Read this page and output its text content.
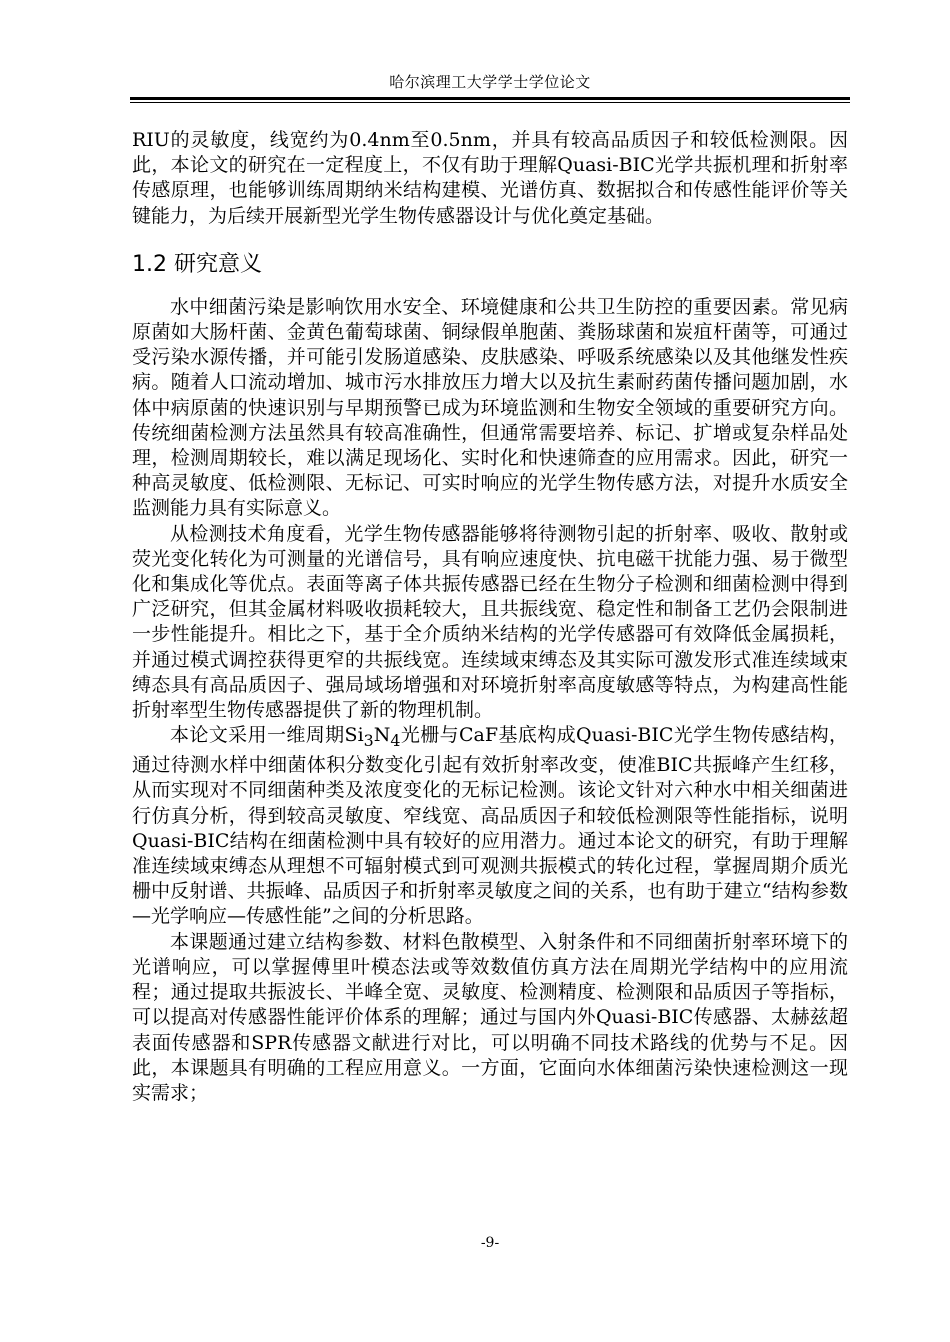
哈尔滨理工大学学士学位论文

RIU的灵敏度，线宽约为0.4nm至0.5nm，并具有较高品质因子和较低检测限。因此，本论文的研究在一定程度上，不仅有助于理解Quasi-BIC光学共振机理和折射率传感原理，也能够训练周期纳米结构建模、光谱仿真、数据拟合和传感性能评价等关键能力，为后续开展新型光学生物传感器设计与优化奠定基础。

1.2 研究意义

水中细菌污染是影响饮用水安全、环境健康和公共卫生防控的重要因素。常见病原菌如大肠杆菌、金黄色葡萄球菌、铜绿假单胞菌、粪肠球菌和炭疽杆菌等，可通过受污染水源传播，并可能引发肠道感染、皮肤感染、呼吸系统感染以及其他继发性疾病。随着人口流动增加、城市污水排放压力增大以及抗生素耐药菌传播问题加剧，水体中病原菌的快速识别与早期预警已成为环境监测和生物安全领域的重要研究方向。传统细菌检测方法虽然具有较高准确性，但通常需要培养、标记、扩增或复杂样品处理，检测周期较长，难以满足现场化、实时化和快速筛查的应用需求。因此，研究一种高灵敏度、低检测限、无标记、可实时响应的光学生物传感方法，对提升水质安全监测能力具有实际意义。

从检测技术角度看，光学生物传感器能够将待测物引起的折射率、吸收、散射或荧光变化转化为可测量的光谱信号，具有响应速度快、抗电磁干扰能力强、易于微型化和集成化等优点。表面等离子体共振传感器已经在生物分子检测和细菌检测中得到广泛研究，但其金属材料吸收损耗较大，且共振线宽、稳定性和制备工艺仍会限制进一步性能提升。相比之下，基于全介质纳米结构的光学传感器可有效降低金属损耗，并通过模式调控获得更窄的共振线宽。连续域束缚态及其实际可激发形式准连续域束缚态具有高品质因子、强局域场增强和对环境折射率高度敏感等特点，为构建高性能折射率型生物传感器提供了新的物理机制。

本论文采用一维周期$Si_3N_4$光栅与CaF基底构成Quasi-BIC光学生物传感结构，通过待测水样中细菌体积分数变化引起有效折射率改变，使准BIC共振峰产生红移，从而实现对不同细菌种类及浓度变化的无标记检测。该论文针对六种水中相关细菌进行仿真分析，得到较高灵敏度、窄线宽、高品质因子和较低检测限等性能指标，说明Quasi-BIC结构在细菌检测中具有较好的应用潜力。通过本论文的研究，有助于理解准连续域束缚态从理想不可辐射模式到可观测共振模式的转化过程，掌握周期介质光栅中反射谱、共振峰、品质因子和折射率灵敏度之间的关系，也有助于建立“结构参数—光学响应—传感性能”之间的分析思路。

本课题通过建立结构参数、材料色散模型、入射条件和不同细菌折射率环境下的光谱响应，可以掌握傅里叶模态法或等效数值仿真方法在周期光学结构中的应用流程；通过提取共振波长、半峰全宽、灵敏度、检测精度、检测限和品质因子等指标，可以提高对传感器性能评价体系的理解；通过与国内外Quasi-BIC传感器、太赫兹超表面传感器和SPR传感器文献进行对比，可以明确不同技术路线的优势与不足。因此，本课题具有明确的工程应用意义。一方面，它面向水体细菌污染快速检测这一现实需求；

-9-
